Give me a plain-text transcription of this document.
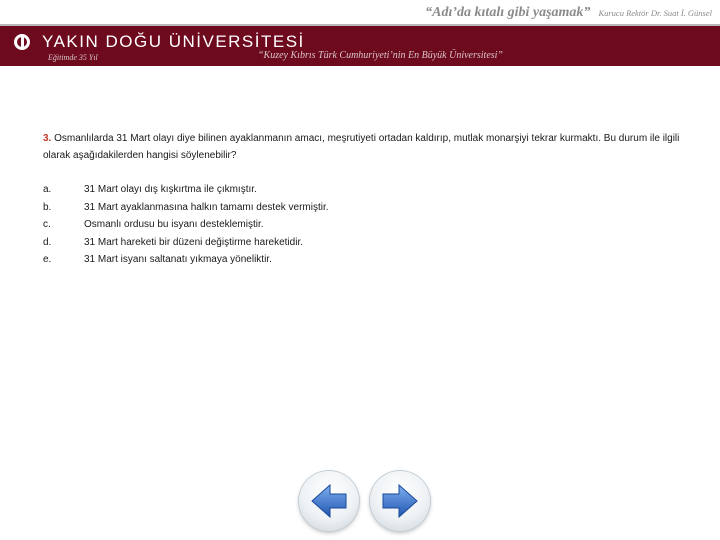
“Adı’da kıtalı gibi yaşamak” Kurucu Rektör Dr. Suat İ. Günsel
YAKIN DOĞU ÜNİVERSİTESİ
Eğitimde 35 Yıl	“Kuzey Kıbrıs Türk Cumhuriyeti’nin En Büyük Üniversitesi”
3. Osmanlılarda 31 Mart olayı diye bilinen ayaklanmanın amacı, meşrutiyeti ortadan kaldırıp, mutlak monarşiyi tekrar kurmaktı. Bu durum ile ilgili olarak aşağıdakilerden hangisi söylenebilir?
a.	31 Mart olayı dış kışkırtma ile çıkmıştır.
b.	31 Mart ayaklanmasına halkın tamamı destek vermiştir.
c.	Osmanlı ordusu bu isyanı desteklemiştir.
d.	31 Mart hareketi bir düzeni değiştirme hareketidir.
e.	31 Mart isyanı saltanatı yıkmaya yöneliktir.
